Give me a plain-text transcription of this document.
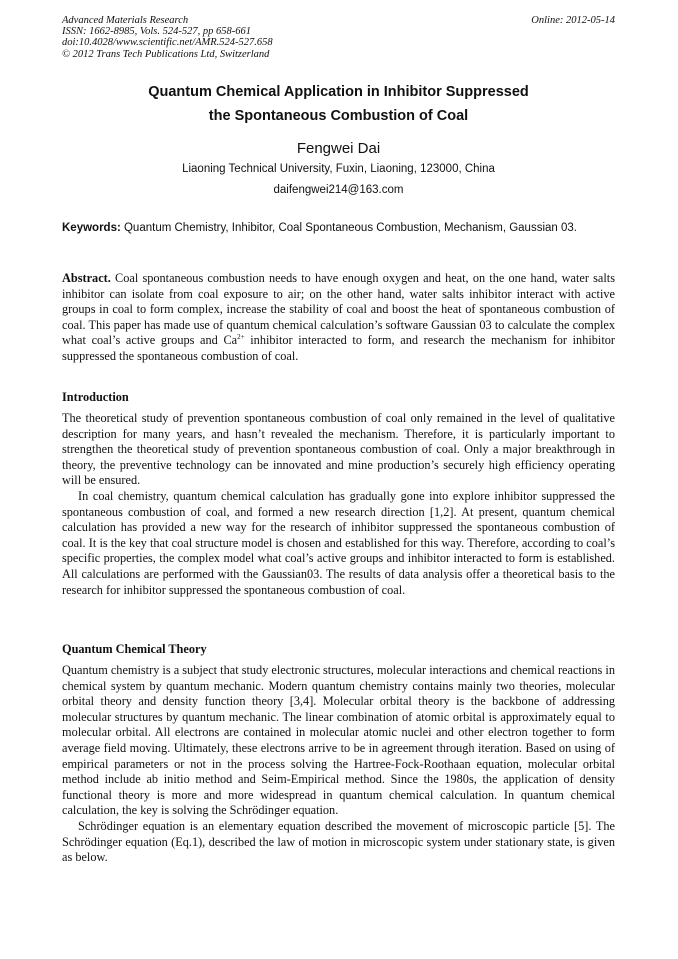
Advanced Materials Research
ISSN: 1662-8985, Vols. 524-527, pp 658-661
doi:10.4028/www.scientific.net/AMR.524-527.658
© 2012 Trans Tech Publications Ltd, Switzerland
Online: 2012-05-14
Quantum Chemical Application in Inhibitor Suppressed
the Spontaneous Combustion of Coal
Fengwei Dai
Liaoning Technical University, Fuxin, Liaoning, 123000, China
daifengwei214@163.com
Keywords: Quantum Chemistry, Inhibitor, Coal Spontaneous Combustion, Mechanism, Gaussian 03.
Abstract. Coal spontaneous combustion needs to have enough oxygen and heat, on the one hand, water salts inhibitor can isolate from coal exposure to air; on the other hand, water salts inhibitor interact with active groups in coal to form complex, increase the stability of coal and boost the heat of spontaneous combustion of coal. This paper has made use of quantum chemical calculation’s software Gaussian 03 to calculate the complex what coal’s active groups and $Ca^{2+}$ inhibitor interacted to form, and research the mechanism for inhibitor suppressed the spontaneous combustion of coal.
Introduction

The theoretical study of prevention spontaneous combustion of coal only remained in the level of qualitative description for many years, and hasn’t revealed the mechanism. Therefore, it is particularly important to strengthen the theoretical study of prevention spontaneous combustion of coal. Only a major breakthrough in theory, the preventive technology can be innovated and mine production’s securely high efficiency operating will be ensured.

In coal chemistry, quantum chemical calculation has gradually gone into explore inhibitor suppressed the spontaneous combustion of coal, and formed a new research direction [1,2]. At present, quantum chemical calculation has provided a new way for the research of inhibitor suppressed the spontaneous combustion of coal. It is the key that coal structure model is chosen and established for this way. Therefore, according to coal’s specific properties, the complex model what coal’s active groups and inhibitor interacted to form is established. All calculations are performed with the Gaussian03. The results of data analysis offer a theoretical basis to the research for inhibitor suppressed the spontaneous combustion of coal.

Quantum Chemical Theory

Quantum chemistry is a subject that study electronic structures, molecular interactions and chemical reactions in chemical system by quantum mechanic. Modern quantum chemistry contains mainly two theories, molecular orbital theory and density function theory [3,4]. Molecular orbital theory is the backbone of addressing molecular structures by quantum mechanic. The linear combination of atomic orbital is approximately equal to molecular orbital. All electrons are contained in molecular atomic nuclei and other electron together to form average field moving. Ultimately, these electrons arrive to be in agreement through iteration. Based on using of empirical parameters or not in the process solving the Hartree-Fock-Roothaan equation, molecular orbital method include ab initio method and Seim-Empirical method. Since the 1980s, the application of density functional theory is more and more widespread in quantum chemical calculation. In quantum chemical calculation, the key is solving the Schrödinger equation.

Schrödinger equation is an elementary equation described the movement of microscopic particle [5]. The Schrödinger equation (Eq.1), described the law of motion in microscopic system under stationary state, is given as below.
